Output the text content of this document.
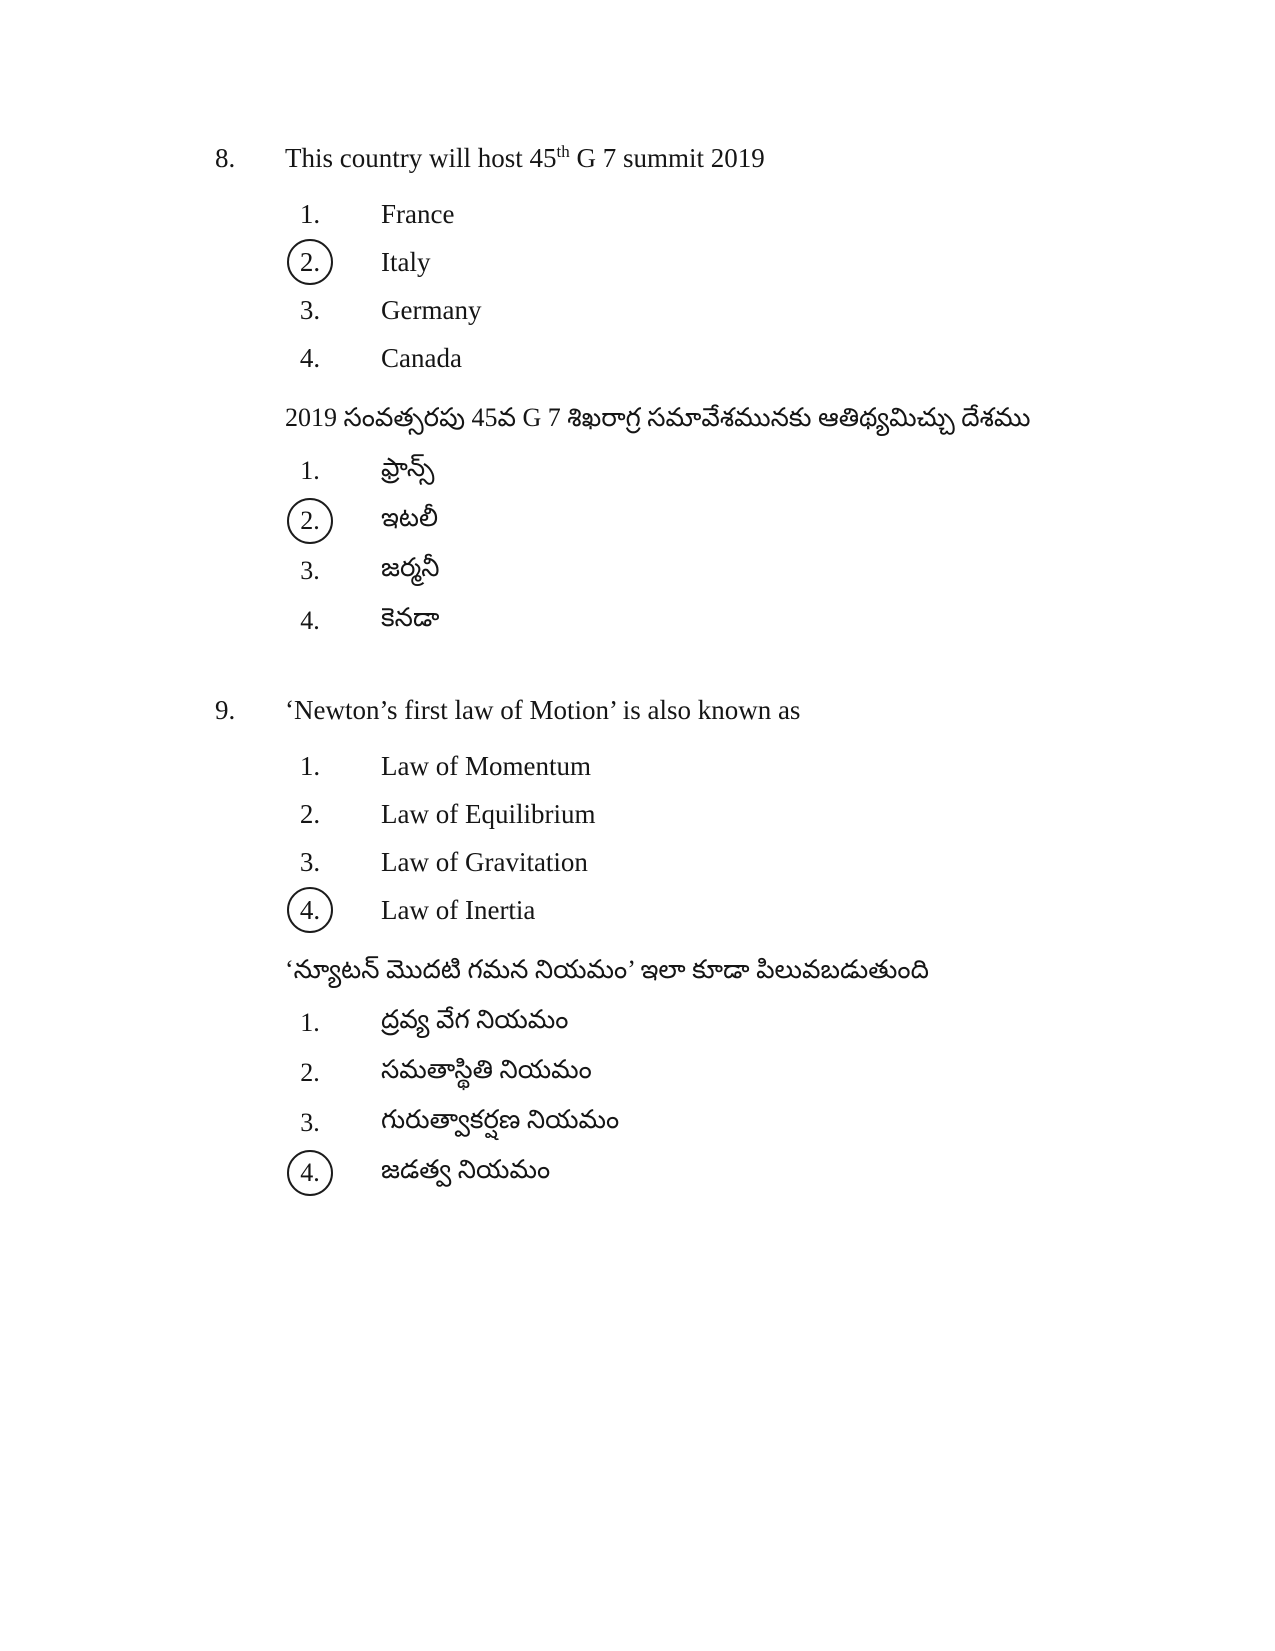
8.	This country will host 45th G 7 summit 2019
1.	France
2.	Italy
3.	Germany
4.	Canada
2019 సంవత్సరపు 45వ G 7 శిఖరాగ్ర సమావేశమునకు ఆతిథ్యమిచ్చు దేశము
1.	ఫ్రాన్స్
2.	ఇటలీ
3.	జర్మనీ
4.	కెనడా
9.	‘Newton’s first law of Motion’ is also known as
1.	Law of Momentum
2.	Law of Equilibrium
3.	Law of Gravitation
4.	Law of Inertia
‘న్యూటన్ మొదటి గమన నియమం’ ఇలా కూడా పిలువబడుతుంది
1.	ద్రవ్య వేగ నియమం
2.	సమతాస్థితి నియమం
3.	గురుత్వాకర్షణ నియమం
4.	జడత్వ నియమం
